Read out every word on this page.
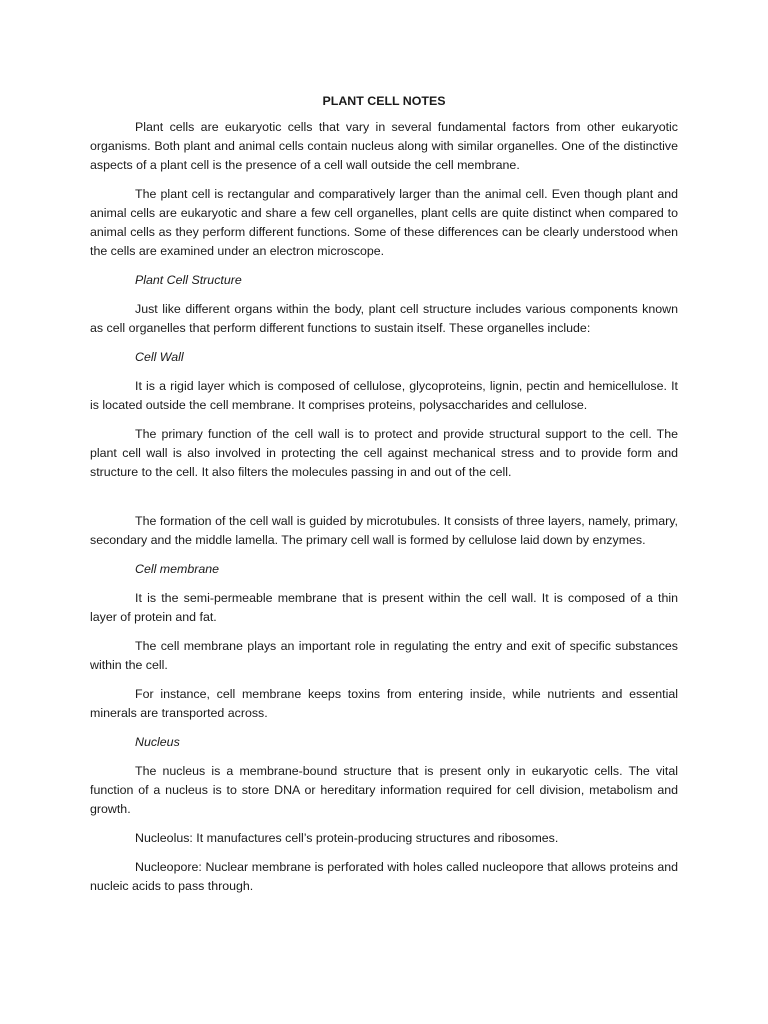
PLANT CELL NOTES

Plant cells are eukaryotic cells that vary in several fundamental factors from other eukaryotic organisms. Both plant and animal cells contain nucleus along with similar organelles. One of the distinctive aspects of a plant cell is the presence of a cell wall outside the cell membrane.

The plant cell is rectangular and comparatively larger than the animal cell. Even though plant and animal cells are eukaryotic and share a few cell organelles, plant cells are quite distinct when compared to animal cells as they perform different functions. Some of these differences can be clearly understood when the cells are examined under an electron microscope.

Plant Cell Structure

Just like different organs within the body, plant cell structure includes various components known as cell organelles that perform different functions to sustain itself. These organelles include:

Cell Wall

It is a rigid layer which is composed of cellulose, glycoproteins, lignin, pectin and hemicellulose. It is located outside the cell membrane. It comprises proteins, polysaccharides and cellulose.

The primary function of the cell wall is to protect and provide structural support to the cell. The plant cell wall is also involved in protecting the cell against mechanical stress and to provide form and structure to the cell. It also filters the molecules passing in and out of the cell.

The formation of the cell wall is guided by microtubules. It consists of three layers, namely, primary, secondary and the middle lamella. The primary cell wall is formed by cellulose laid down by enzymes.

Cell membrane

It is the semi-permeable membrane that is present within the cell wall. It is composed of a thin layer of protein and fat.

The cell membrane plays an important role in regulating the entry and exit of specific substances within the cell.

For instance, cell membrane keeps toxins from entering inside, while nutrients and essential minerals are transported across.

Nucleus

The nucleus is a membrane-bound structure that is present only in eukaryotic cells. The vital function of a nucleus is to store DNA or hereditary information required for cell division, metabolism and growth.

Nucleolus: It manufactures cell’s protein-producing structures and ribosomes.

Nucleopore: Nuclear membrane is perforated with holes called nucleopore that allows proteins and nucleic acids to pass through.
